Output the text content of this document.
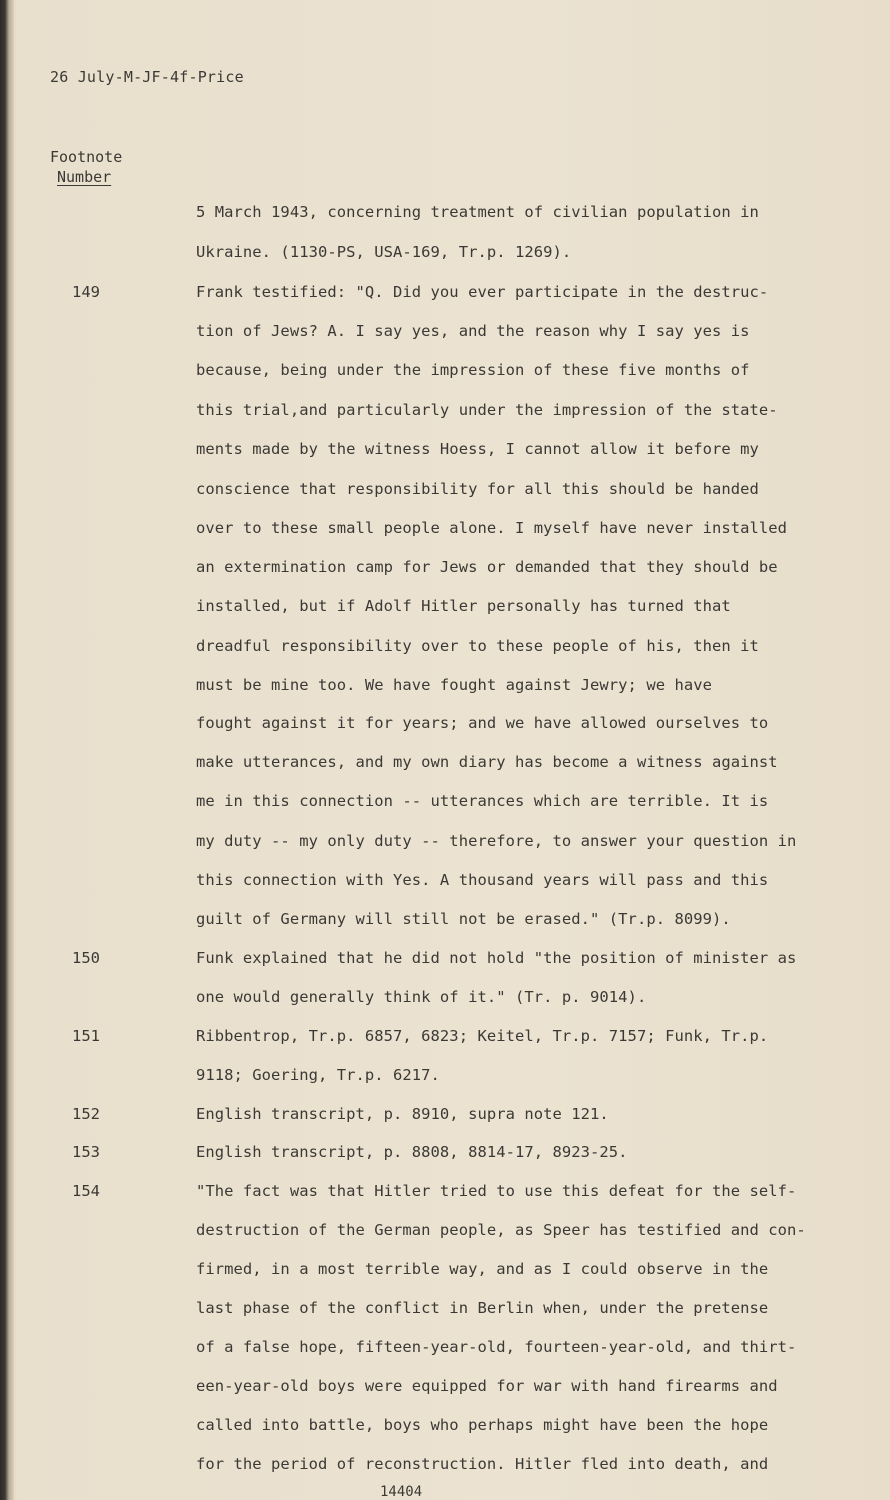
26 July-M-JF-4f-Price
Footnote
Number
149
150
151
152
153
154
5 March 1943, concerning treatment of civilian population in
Ukraine. (1130-PS, USA-169, Tr.p. 1269).
Frank testified: "Q. Did you ever participate in the destruc-
tion of Jews? A. I say yes, and the reason why I say yes is
because, being under the impression of these five months of
this trial,and particularly under the impression of the state-
ments made by the witness Hoess, I cannot allow it before my
conscience that responsibility for all this should be handed
over to these small people alone. I myself have never installed
an extermination camp for Jews or demanded that they should be
installed, but if Adolf Hitler personally has turned that
dreadful responsibility over to these people of his, then it
must be mine too. We have fought against Jewry; we have
fought against it for years; and we have allowed ourselves to
make utterances, and my own diary has become a witness against
me in this connection -- utterances which are terrible. It is
my duty -- my only duty -- therefore, to answer your question in
this connection with Yes. A thousand years will pass and this
guilt of Germany will still not be erased." (Tr.p. 8099).
Funk explained that he did not hold "the position of minister as
one would generally think of it." (Tr. p. 9014).
Ribbentrop, Tr.p. 6857, 6823; Keitel, Tr.p. 7157; Funk, Tr.p.
9118; Goering, Tr.p. 6217.
English transcript, p. 8910, supra note 121.
English transcript, p. 8808, 8814-17, 8923-25.
"The fact was that Hitler tried to use this defeat for the self-
destruction of the German people, as Speer has testified and con-
firmed, in a most terrible way, and as I could observe in the
last phase of the conflict in Berlin when, under the pretense
of a false hope, fifteen-year-old, fourteen-year-old, and thirt-
een-year-old boys were equipped for war with hand firearms and
called into battle, boys who perhaps might have been the hope
for the period of reconstruction. Hitler fled into death, and
14404
